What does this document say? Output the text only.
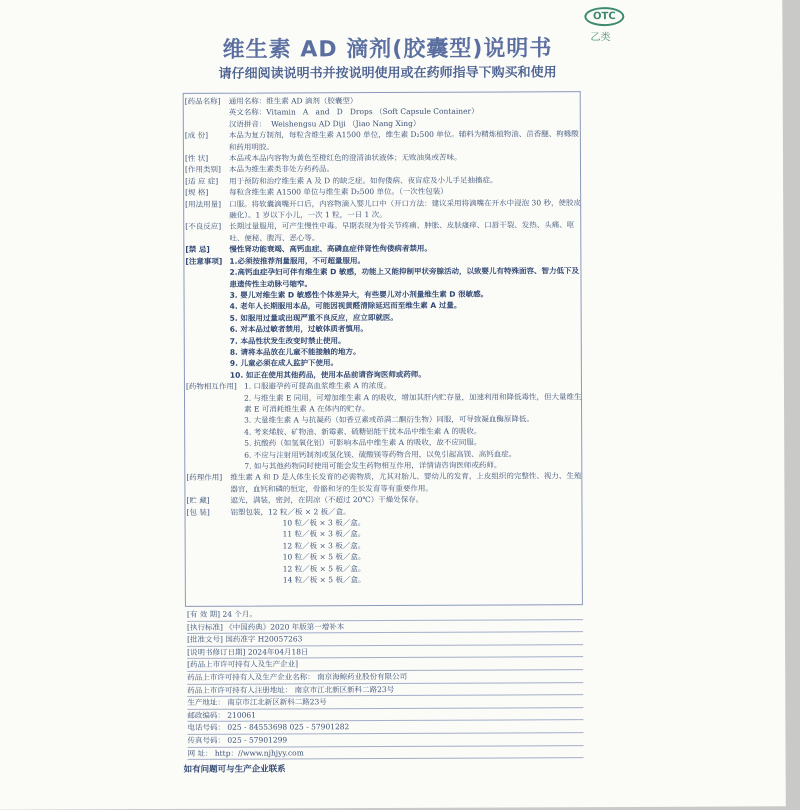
OTC
乙类
维生素 AD 滴剂(胶囊型)说明书
请仔细阅读说明书并按说明使用或在药师指导下购买和使用
[药品名称]	通用名称：维生素 AD 滴剂（胶囊型）
英文名称：Vitamin   A   and   D   Drops （Soft Capsule Container）
汉语拼音：  Weishengsu AD Diji （Jiao Nang Xing）
[成 份]	本品为复方制剂，每粒含维生素 A1500 单位，维生素 D₂500 单位。辅料为精炼植物油、苗香醚、枸橼酸和药用明胶。
[性 状]	本品或本品内容物为黄色至橙红色的澄清油状液体；无败油臭或苦味。
[作用类别]	本品为维生素类非处方药药品。
[适 应 症]	用于预防和治疗维生素 A 及 D 的缺乏症。如佝偻病、夜盲症及小儿手足抽搐症。
[规 格]	每粒含维生素 A1500 单位与维生素 D₂500 单位。（一次性包装）
[用法用量]	口服。将软囊滴嘴开口后，内容物滴入婴儿口中（开口方法：建议采用将滴嘴在开水中浸泡 30 秒，使胶皮融化）。1 岁以下小儿，一次 1 粒，一日 1 次。
[不良反应]	长期过量服用，可产生慢性中毒。早期表现为骨关节疼痛、肿胀、皮肤瘙痒、口唇干裂、发热、头痛、呕吐、便秘、腹泻、恶心等。
[禁 忌]	慢性肾功能衰竭、高钙血症、高磷血症伴肾性佝偻病者禁用。
[注意事项] 1.必须按推荐剂量服用，不可超量服用。
2.高钙血症孕妇可伴有维生素 D 敏感，功能上又能抑制甲状旁腺活动，以致婴儿有特殊面容、智力低下及患遗传性主动脉弓缩窄。
3. 婴儿对维生素 D 敏感性个体差异大，有些婴儿对小剂量维生素 D 很敏感。
4. 老年人长期服用本品，可能因视黄醛清除延迟而至维生素 A 过量。
5. 如服用过量或出现严重不良反应，应立即就医。
6. 对本品过敏者禁用，过敏体质者慎用。
7. 本品性状发生改变时禁止使用。
8. 请将本品放在儿童不能接触的地方。
9. 儿童必须在成人监护下使用。
10. 如正在使用其他药品，使用本品前请咨询医师或药师。
[药物相互作用] 1. 口服避孕药可提高血浆维生素 A 的浓度。
2. 与维生素 E 同用，可增加维生素 A 的吸收，增加其肝内贮存量，加速利用和降低毒性，但大量维生素 E 可消耗维生素 A 在体内的贮存。
3. 大量维生素 A 与抗凝药（如香豆素或茚满二酮衍生物）同服，可导致凝血酶原降低。
4. 考来烯胺、矿物油、新霉素、硫糖铝能干扰本品中维生素 A 的吸收。
5. 抗酸药（如氢氧化铝）可影响本品中维生素 A 的吸收，故不应同服。
6. 不应与注射用钙制剂或氢化镁、硫酸镁等药物合用，以免引起高镁、高钙血症。
7. 如与其他药物同时使用可能会发生药物相互作用，详情请咨询医师或药师。
[药理作用]	维生素 A 和 D 是人体生长发育的必需物质，尤其对胎儿、婴幼儿的发育，上皮组织的完整性、视力、生殖器官，血钙和磷的恒定，骨骼和牙的生长发育等有重要作用。
[贮 藏]	遮光，满装，密封，在阴凉（不超过 20℃）干燥处保存。
[包 装]	铝塑包装，12 粒／板 × 2 板／盒。
10 粒／板 × 3 板／盒。
11 粒／板 × 3 板／盒。
12 粒／板 × 3 板／盒。
10 粒／板 × 5 板／盒。
12 粒／板 × 5 板／盒。
14 粒／板 × 5 板／盒。
[有 效 期] 24 个月。
[执行标准] 《中国药典》2020 年版第一增补本
[批准文号] 国药准字 H20057263
[说明书修订日期] 2024年04月18日
[药品上市许可持有人及生产企业]
药品上市许可持有人及生产企业名称： 南京海鲸药业股份有限公司
药品上市许可持有人注册地址： 南京市江北新区新科二路23号
生产地址： 南京市江北新区新科二路23号
邮政编码： 210061
电话号码： 025 - 84553698 025 - 57901282
传真号码： 025 - 57901299
网 址： http：//www.njhjyy.com
如有问题可与生产企业联系
